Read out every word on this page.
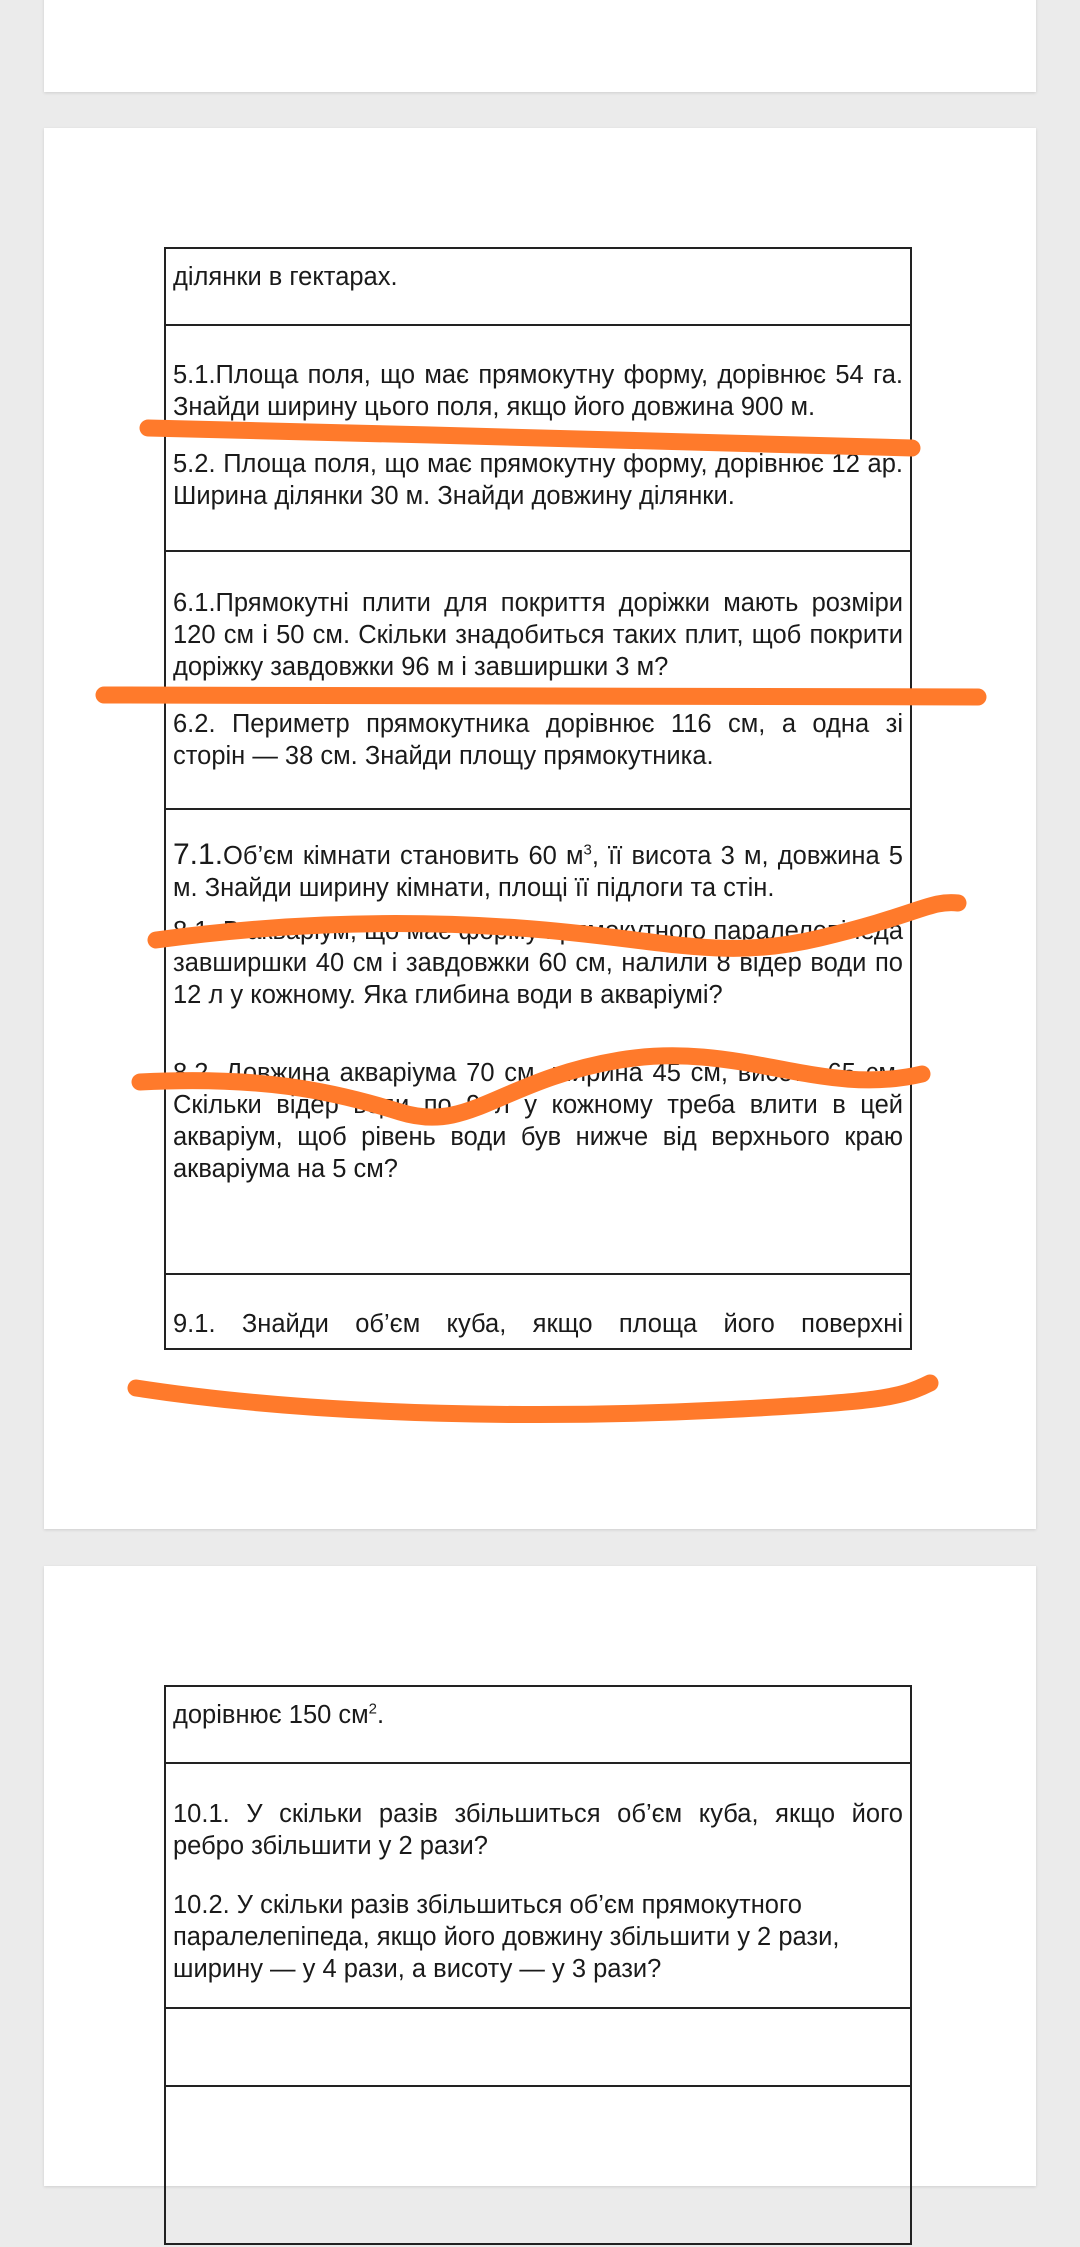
ділянки в гектарах.
5.1.Площа поля, що має прямокутну форму, дорівнює 54 га. Знайди ширину цього поля, якщо його довжина 900 м.
5.2. Площа поля, що має прямокутну форму, дорівнює 12 ар. Ширина ділянки 30 м. Знайди довжину ділянки.
6.1.Прямокутні плити для покриття доріжки мають розміри 120 см і 50 см. Скільки знадобиться таких плит, щоб покрити доріжку завдовжки 96 м і завширшки 3 м?
6.2. Периметр прямокутника дорівнює 116 см, а одна зі сторін — 38 см. Знайди площу прямокутника.
7.1.Об’єм кімнати становить 60 $м^3$, її висота 3 м, довжина 5 м. Знайди ширину кімнати, площі її підлоги та стін.
8.1. В акваріум, що має форму прямокутного паралелепіпеда завширшки 40 см і завдовжки 60 см, налили 8 відер води по 12 л у кожному. Яка глибина води в акваріумі?
8.2. Довжина акваріума 70 см, ширина 45 см, висота 65 см. Скільки відер води по 9 л у кожному треба влити в цей акваріум, щоб рівень води був нижче від верхнього краю акваріума на 5 см?
9.1. Знайди об’єм куба, якщо площа його поверхні
дорівнює 150 $см^2$.
10.1. У скільки разів збільшиться об’єм куба, якщо його ребро збільшити у 2 рази?
10.2. У скільки разів збільшиться об’єм прямокутного паралелепіпеда, якщо його довжину збільшити у 2 рази, ширину — у 4 рази, а висоту — у 3 рази?
